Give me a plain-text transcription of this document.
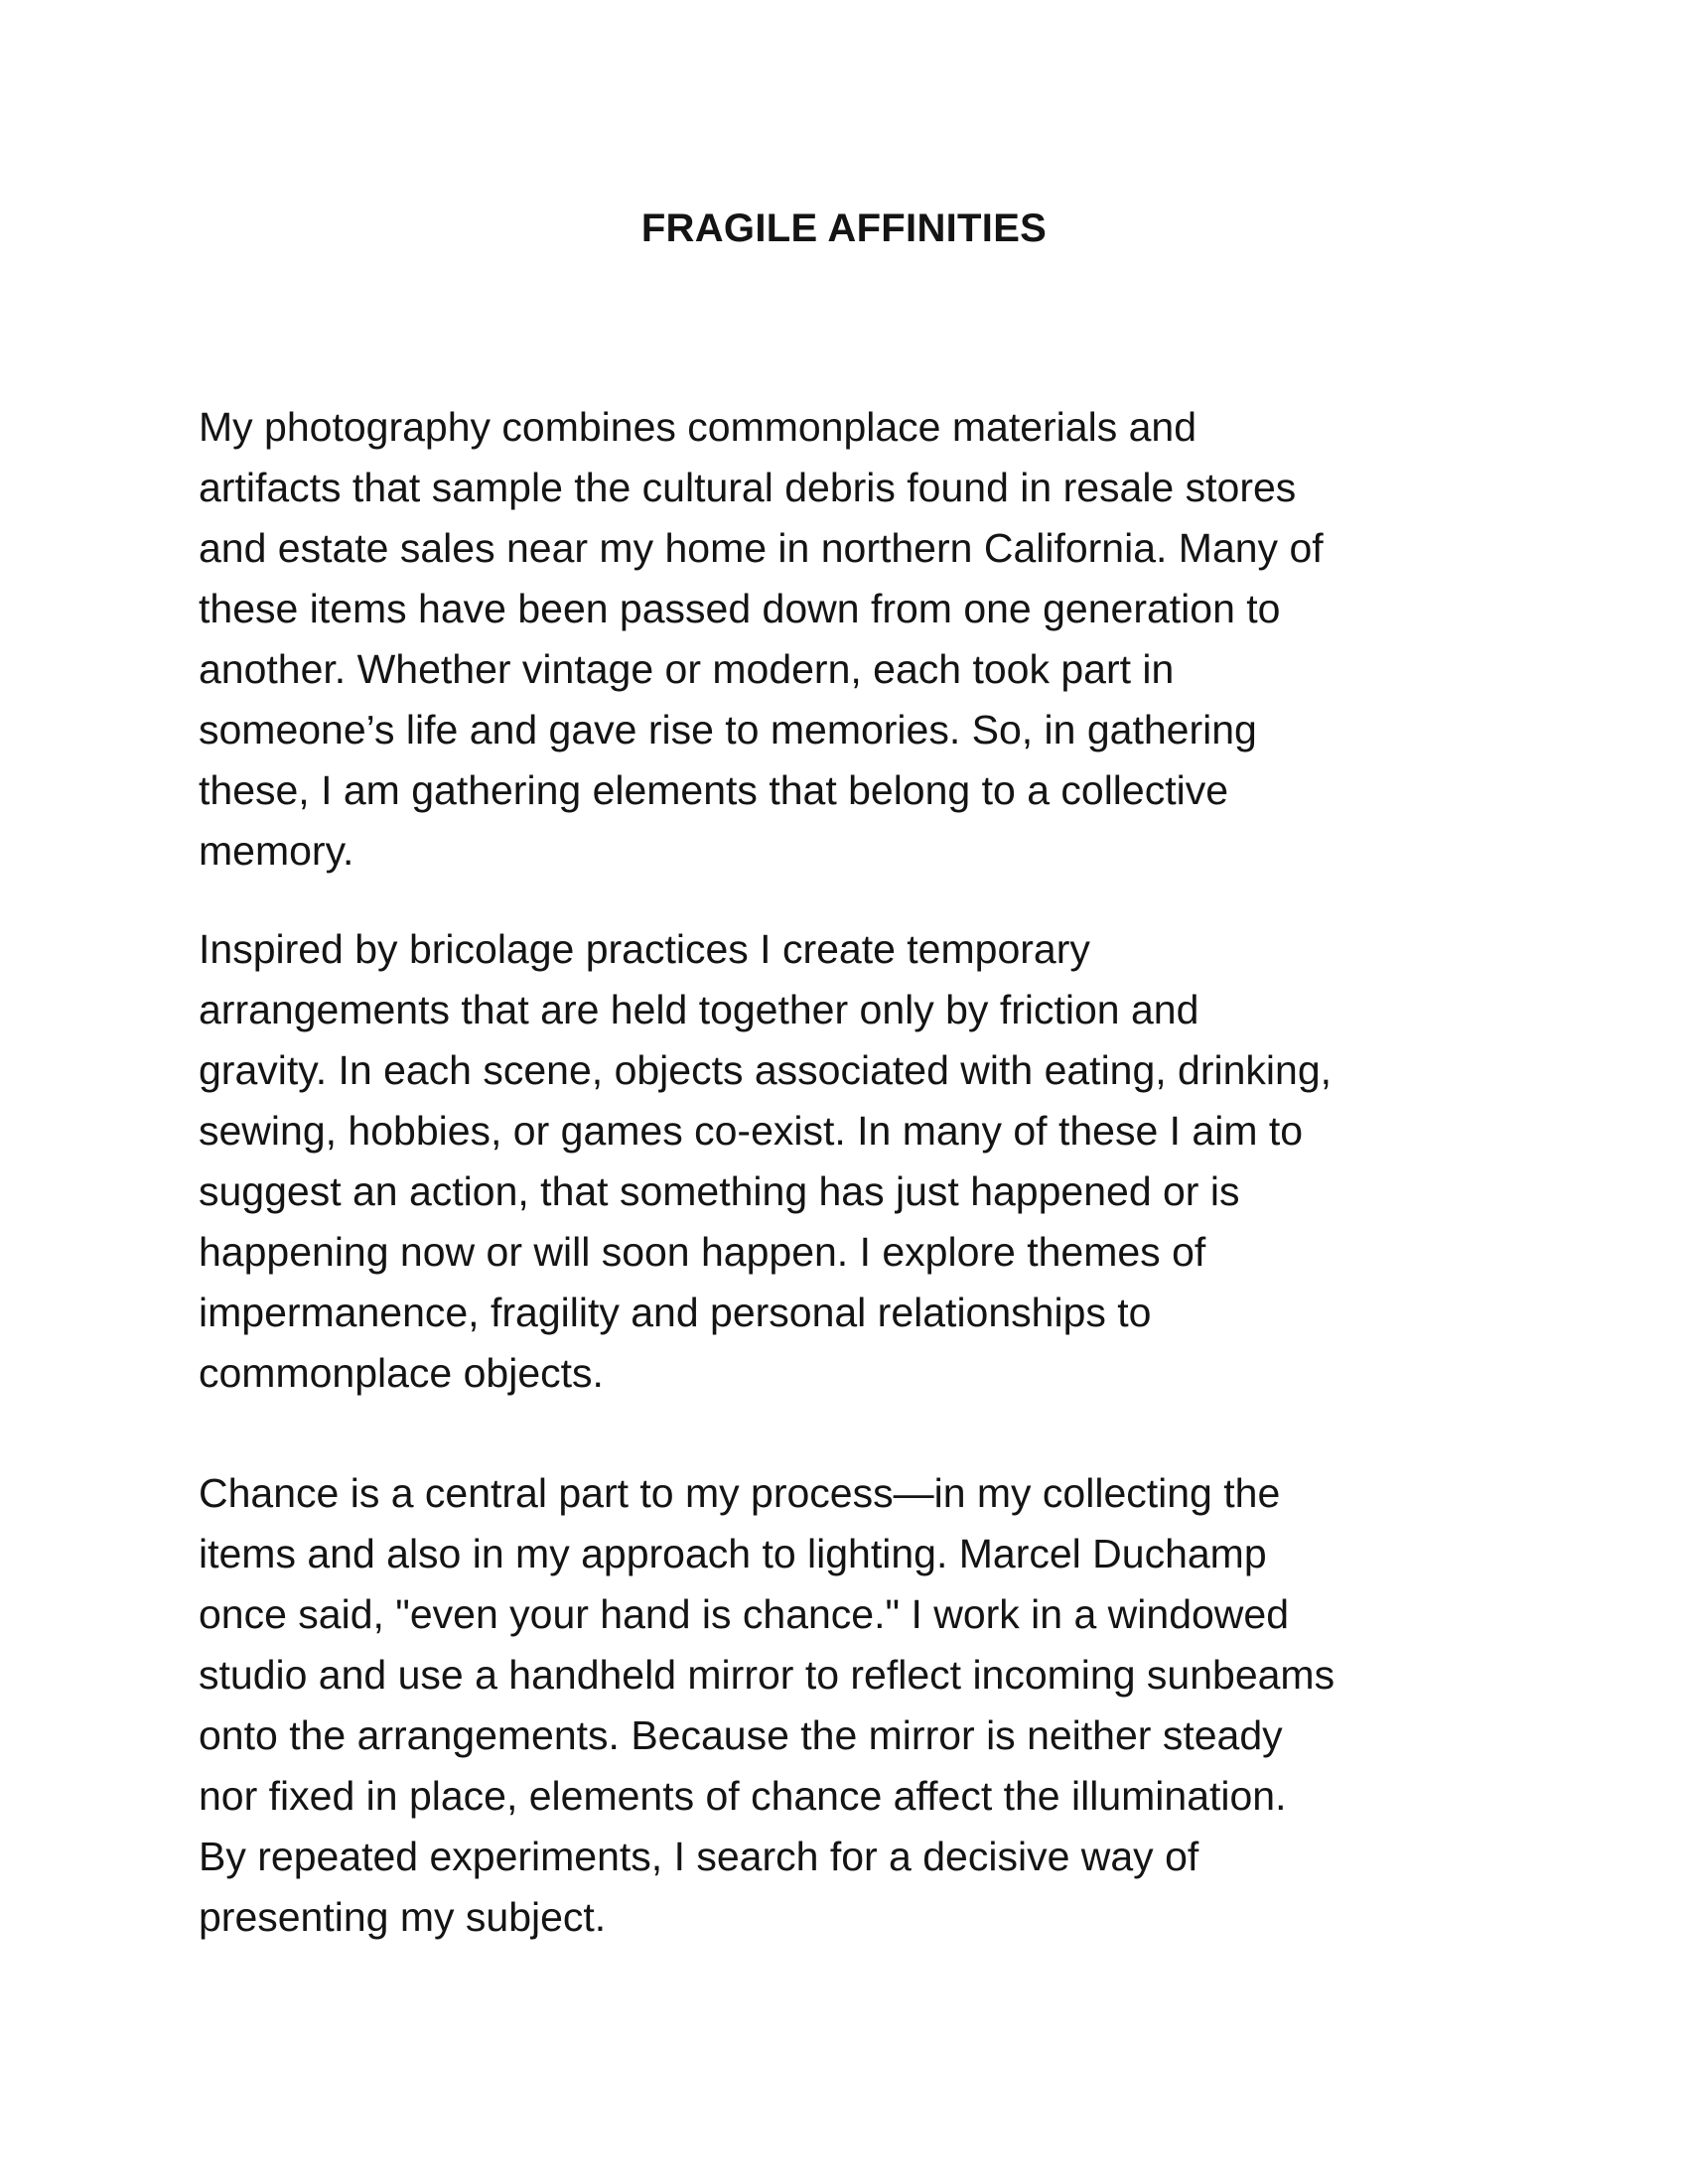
FRAGILE AFFINITIES
My photography combines commonplace materials and
artifacts that sample the cultural debris found in resale stores
and estate sales near my home in northern California. Many of
these items have been passed down from one generation to
another. Whether vintage or modern, each took part in
someone’s life and gave rise to memories. So, in gathering
these, I am gathering elements that belong to a collective
memory.
Inspired by bricolage practices I create temporary
arrangements that are held together only by friction and
gravity. In each scene, objects associated with eating, drinking,
sewing, hobbies, or games co-exist. In many of these I aim to
suggest an action, that something has just happened or is
happening now or will soon happen. I explore themes of
impermanence, fragility and personal relationships to
commonplace objects.
Chance is a central part to my process—in my collecting the
items and also in my approach to lighting. Marcel Duchamp
once said, "even your hand is chance." I work in a windowed
studio and use a handheld mirror to reflect incoming sunbeams
onto the arrangements. Because the mirror is neither steady
nor fixed in place, elements of chance affect the illumination.
By repeated experiments, I search for a decisive way of
presenting my subject.
